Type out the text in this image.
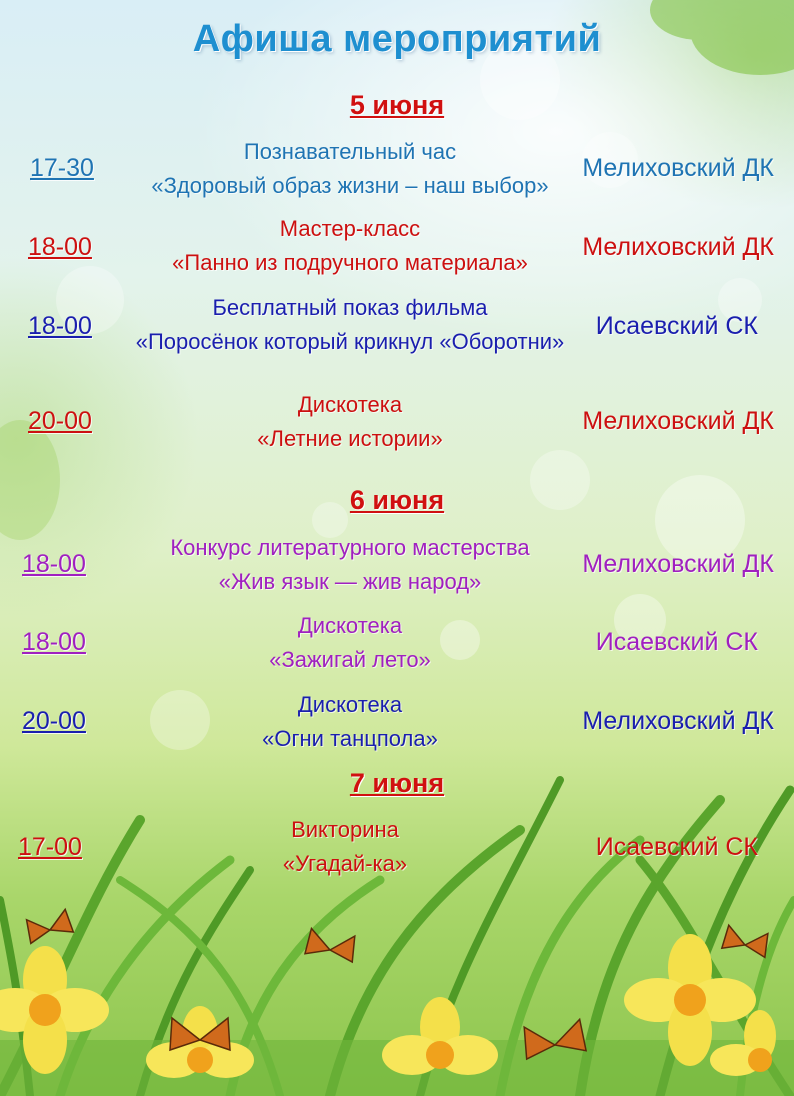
Афиша мероприятий
5 июня
17-30
Познавательный час
«Здоровый образ жизни – наш выбор»
Мелиховский ДК
18-00
Мастер-класс
«Панно из подручного материала»
Мелиховский ДК
18-00
Бесплатный показ фильма
«Поросёнок который крикнул «Оборотни»
Исаевский СК
20-00
Дискотека
«Летние истории»
Мелиховский ДК
6 июня
18-00
Конкурс литературного мастерства
«Жив язык — жив народ»
Мелиховский ДК
18-00
Дискотека
«Зажигай лето»
Исаевский СК
20-00
Дискотека
«Огни танцпола»
Мелиховский ДК
7 июня
17-00
Викторина
«Угадай-ка»
Исаевский СК
